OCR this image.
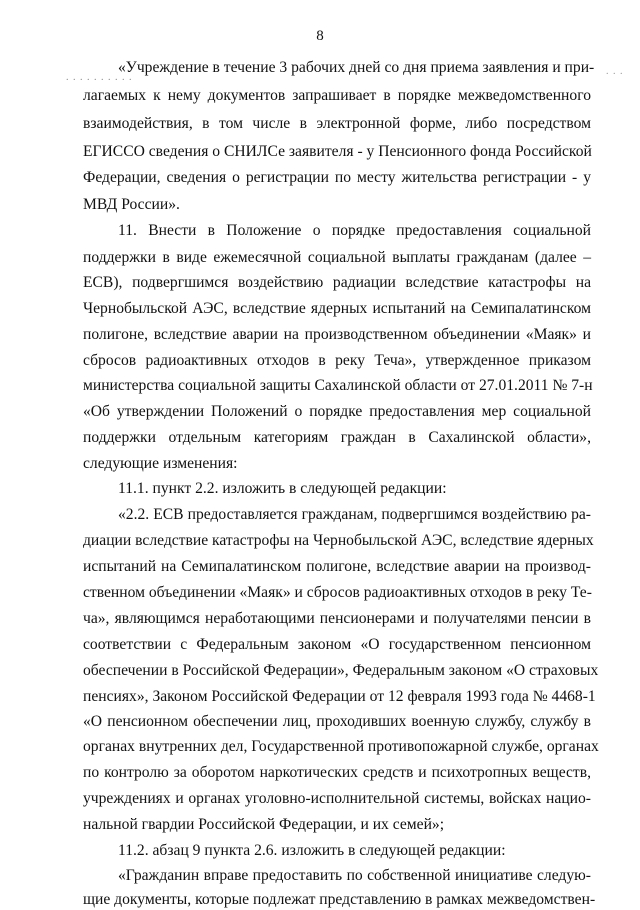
8
. . . . . . . . . .
. . .
«Учреждение в течение 3 рабочих дней со дня приема заявления и при-
лагаемых к нему документов запрашивает в порядке межведомственного
взаимодействия, в том числе в электронной форме, либо посредством
ЕГИССО сведения о СНИЛСе заявителя - у Пенсионного фонда Российской
Федерации, сведения о регистрации по месту жительства регистрации - у
МВД России».
11. Внести в Положение о порядке предоставления социальной
поддержки в виде ежемесячной социальной выплаты гражданам (далее –
ЕСВ), подвергшимся воздействию радиации вследствие катастрофы на
Чернобыльской АЭС, вследствие ядерных испытаний на Семипалатинском
полигоне, вследствие аварии на производственном объединении «Маяк» и
сбросов радиоактивных отходов в реку Теча», утвержденное приказом
министерства социальной защиты Сахалинской области от 27.01.2011 № 7-н
«Об утверждении Положений о порядке предоставления мер социальной
поддержки отдельным категориям граждан в Сахалинской области»,
следующие изменения:
11.1. пункт 2.2. изложить в следующей редакции:
«2.2. ЕСВ предоставляется гражданам, подвергшимся воздействию ра-
диации вследствие катастрофы на Чернобыльской АЭС, вследствие ядерных
испытаний на Семипалатинском полигоне, вследствие аварии на производ-
ственном объединении «Маяк» и сбросов радиоактивных отходов в реку Те-
ча», являющимся неработающими пенсионерами и получателями пенсии в
соответствии с Федеральным законом «О государственном пенсионном
обеспечении в Российской Федерации», Федеральным законом «О страховых
пенсиях», Законом Российской Федерации от 12 февраля 1993 года № 4468-1
«О пенсионном обеспечении лиц, проходивших военную службу, службу в
органах внутренних дел, Государственной противопожарной службе, органах
по контролю за оборотом наркотических средств и психотропных веществ,
учреждениях и органах уголовно-исполнительной системы, войсках нацио-
нальной гвардии Российской Федерации, и их семей»;
11.2. абзац 9 пункта 2.6. изложить в следующей редакции:
«Гражданин вправе предоставить по собственной инициативе следую-
щие документы, которые подлежат представлению в рамках межведомствен-
